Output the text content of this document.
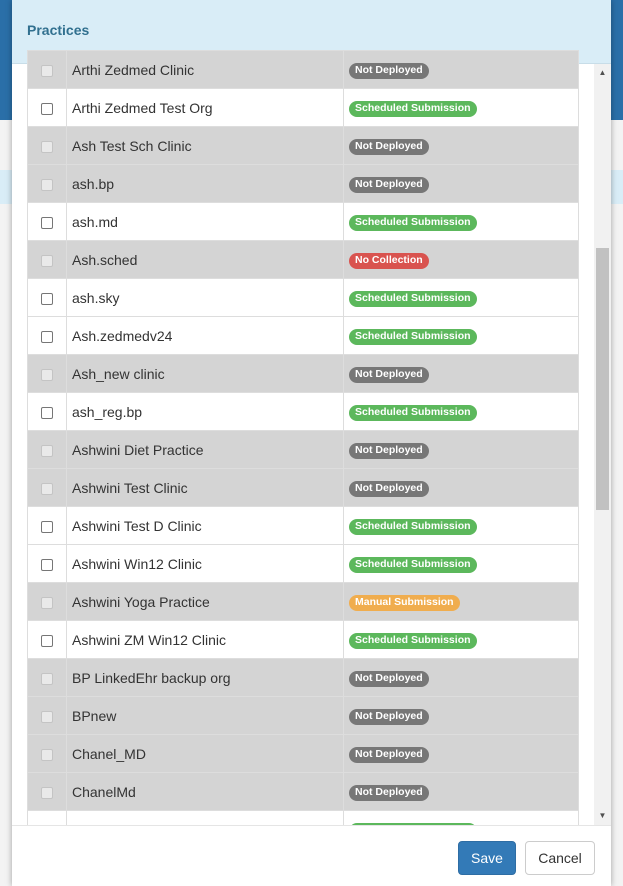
Practices
	Arthi Zedmed Clinic	Not Deployed
	Arthi Zedmed Test Org	Scheduled Submission
	Ash Test Sch Clinic	Not Deployed
	ash.bp	Not Deployed
	ash.md	Scheduled Submission
	Ash.sched	No Collection
	ash.sky	Scheduled Submission
	Ash.zedmedv24	Scheduled Submission
	Ash_new clinic	Not Deployed
	ash_reg.bp	Scheduled Submission
	Ashwini Diet Practice	Not Deployed
	Ashwini Test Clinic	Not Deployed
	Ashwini Test D Clinic	Scheduled Submission
	Ashwini Win12 Clinic	Scheduled Submission
	Ashwini Yoga Practice	Manual Submission
	Ashwini ZM Win12 Clinic	Scheduled Submission
	BP LinkedEhr backup org	Not Deployed
	BPnew	Not Deployed
	Chanel_MD	Not Deployed
	ChanelMd	Not Deployed

▲
▼
Save	Cancel
